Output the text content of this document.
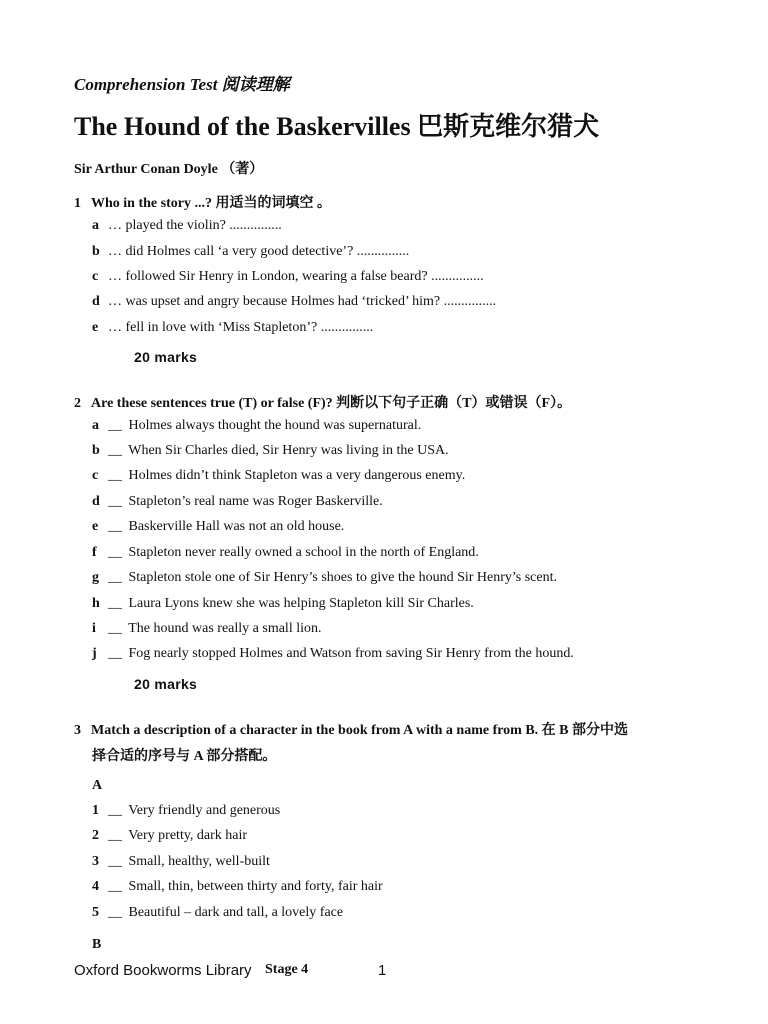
Comprehension Test 阅读理解
The Hound of the Baskervilles 巴斯克维尔猎犬
Sir Arthur Conan Doyle （著）
1 Who in the story ...? 用适当的词填空 。
a … played the violin? ...............
b … did Holmes call ‘a very good detective’? ...............
c … followed Sir Henry in London, wearing a false beard? ...............
d … was upset and angry because Holmes had ‘tricked’ him? ...............
e … fell in love with ‘Miss Stapleton’? ...............
20 marks
2 Are these sentences true (T) or false (F)? 判断以下句子正确（T）或错误（F）。
a __ Holmes always thought the hound was supernatural.
b __ When Sir Charles died, Sir Henry was living in the USA.
c __ Holmes didn’t think Stapleton was a very dangerous enemy.
d __ Stapleton’s real name was Roger Baskerville.
e __ Baskerville Hall was not an old house.
f __ Stapleton never really owned a school in the north of England.
g __ Stapleton stole one of Sir Henry’s shoes to give the hound Sir Henry’s scent.
h __ Laura Lyons knew she was helping Stapleton kill Sir Charles.
i __ The hound was really a small lion.
j __ Fog nearly stopped Holmes and Watson from saving Sir Henry from the hound.
20 marks
3 Match a description of a character in the book from A with a name from B. 在 B 部分中选
择合适的序号与 A 部分搭配。
A
1 __ Very friendly and generous
2 __ Very pretty, dark hair
3 __ Small, healthy, well-built
4 __ Small, thin, between thirty and forty, fair hair
5 __ Beautiful – dark and tall, a lovely face
B
Oxford Bookworms Library Stage 4	1
